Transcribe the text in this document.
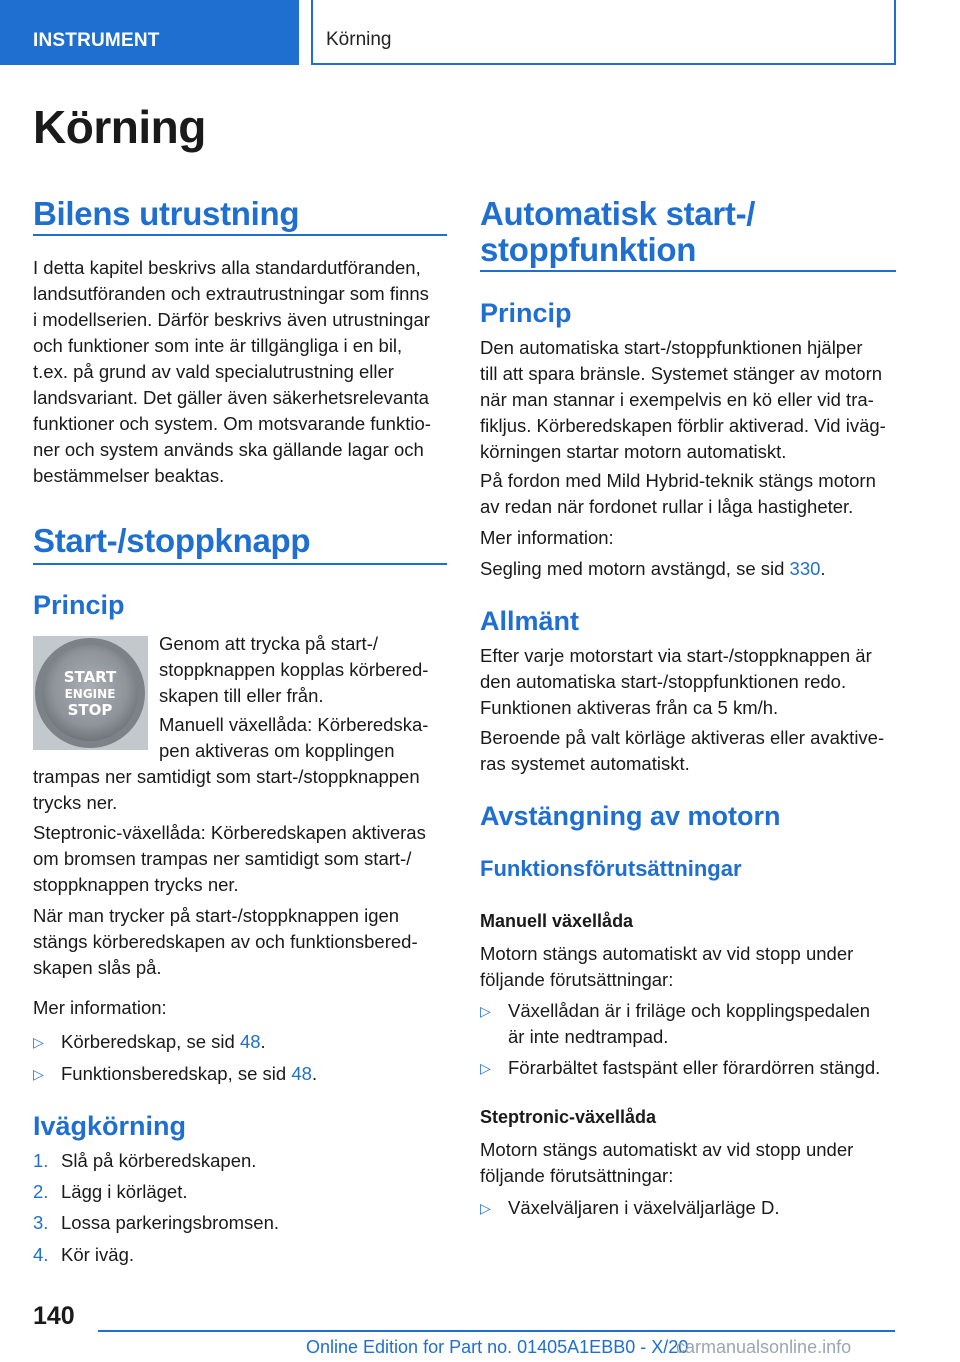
INSTRUMENT	Körning
Körning
Bilens utrustning

I detta kapitel beskrivs alla standardutföranden,
landsutföranden och extrautrustningar som finns
i modellserien. Därför beskrivs även utrustningar
och funktioner som inte är tillgängliga i en bil,
t.ex. på grund av vald specialutrustning eller
landsvariant. Det gäller även säkerhetsrelevanta
funktioner och system. Om motsvarande funktio-
ner och system används ska gällande lagar och
bestämmelser beaktas.

Start-/stoppknapp
Princip
START
ENGINE
STOP

Genom att trycka på start-/
stoppknappen kopplas körbered-
skapen till eller från.

Manuell växellåda: Körberedska-
pen aktiveras om kopplingen

trampas ner samtidigt som start-/stoppknappen
trycks ner.

Steptronic-växellåda: Körberedskapen aktiveras
om bromsen trampas ner samtidigt som start-/
stoppknappen trycks ner.

När man trycker på start-/stoppknappen igen
stängs körberedskapen av och funktionsbered-
skapen slås på.

Mer information:

▷ Körberedskap, se sid 48.
▷ Funktionsberedskap, se sid 48.
Ivägkörning
1. Slå på körberedskapen.
2. Lägg i körläget.
3. Lossa parkeringsbromsen.
4. Kör iväg.
Automatisk start-/
stoppfunktion
Princip

Den automatiska start-/stoppfunktionen hjälper
till att spara bränsle. Systemet stänger av motorn
när man stannar i exempelvis en kö eller vid tra-
fikljus. Körberedskapen förblir aktiverad. Vid iväg-
körningen startar motorn automatiskt.

På fordon med Mild Hybrid-teknik stängs motorn
av redan när fordonet rullar i låga hastigheter.

Mer information:

Segling med motorn avstängd, se sid 330.

Allmänt

Efter varje motorstart via start-/stoppknappen är
den automatiska start-/stoppfunktionen redo.
Funktionen aktiveras från ca 5 km/h.

Beroende på valt körläge aktiveras eller avaktive-
ras systemet automatiskt.

Avstängning av motorn
Funktionsförutsättningar
Manuell växellåda

Motorn stängs automatiskt av vid stopp under
följande förutsättningar:

▷ Växellådan är i friläge och kopplingspedalen
är inte nedtrampad.
▷ Förarbältet fastspänt eller förardörren stängd.
Steptronic-växellåda

Motorn stängs automatiskt av vid stopp under
följande förutsättningar:

▷ Växelväljaren i växelväljarläge D.
140
Online Edition for Part no. 01405A1EBB0 - X/20
carmanualsonline.info
